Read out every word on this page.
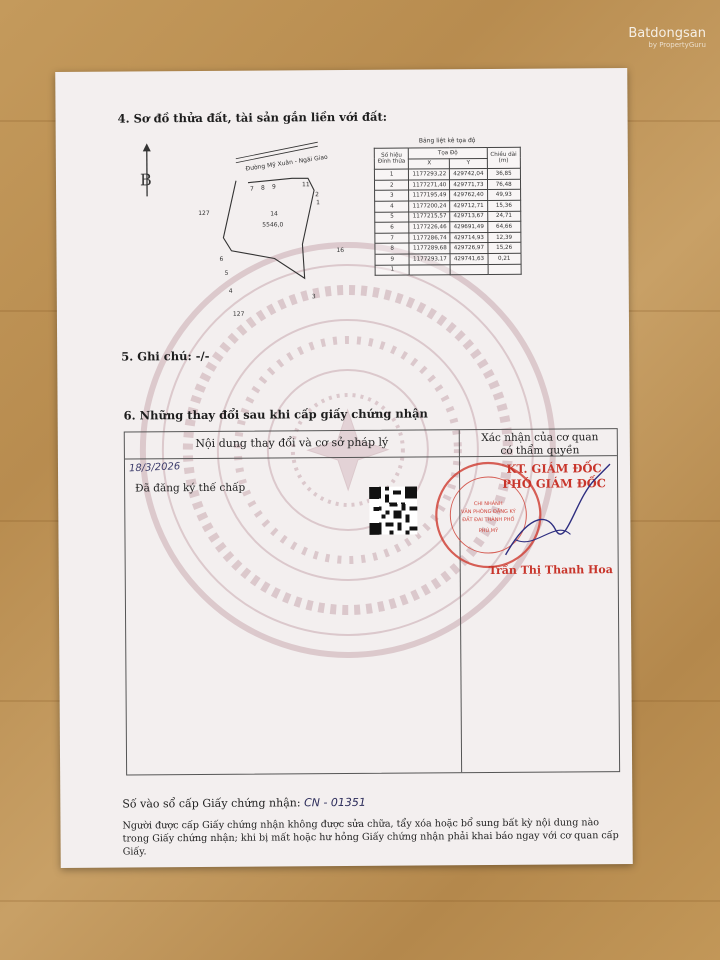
Batdongsan
by PropertyGuru
4. Sơ đồ thửa đất, tài sản gắn liền với đất:
B
Đường Mỹ Xuân - Ngãi Giao
14
5546,0
127
16
127
1
2
3
4
5
6
7 8 9	11
Bảng liệt kê tọa độ
Số hiệu
Đỉnh thửa	Tọa Độ		Chiều dài
(m)
	X	Y	
1	1177293,22	429742,04	36,85
2	1177271,40	429771,73	76,48
3	1177195,49	429762,40	49,93
4	1177200,24	429712,71	15,36
5	1177215,57	429713,67	24,71
6	1177226,46	429691,49	64,66
7	1177286,74	429714,93	12,39
8	1177289,68	429726,97	15,26
9	1177293,17	429741,63	0,21
1			
5. Ghi chú: -/-
6. Những thay đổi sau khi cấp giấy chứng nhận
Nội dung thay đổi và cơ sở pháp lý	Xác nhận của cơ quan
có thẩm quyền
18/3/2026
Đã đăng ký thế chấp
CHI NHÁNH
VĂN PHÒNG ĐĂNG KÝ
ĐẤT ĐAI THÀNH PHỐ
PHÚ MỸ
KT. GIÁM ĐỐC
PHÓ GIÁM ĐỐC
Trần Thị Thanh Hoa
Số vào sổ cấp Giấy chứng nhận: CN - 01351
Người được cấp Giấy chứng nhận không được sửa chữa, tẩy xóa hoặc bổ sung bất kỳ nội dung nào trong Giấy chứng nhận; khi bị mất hoặc hư hỏng Giấy chứng nhận phải khai báo ngay với cơ quan cấp Giấy.
